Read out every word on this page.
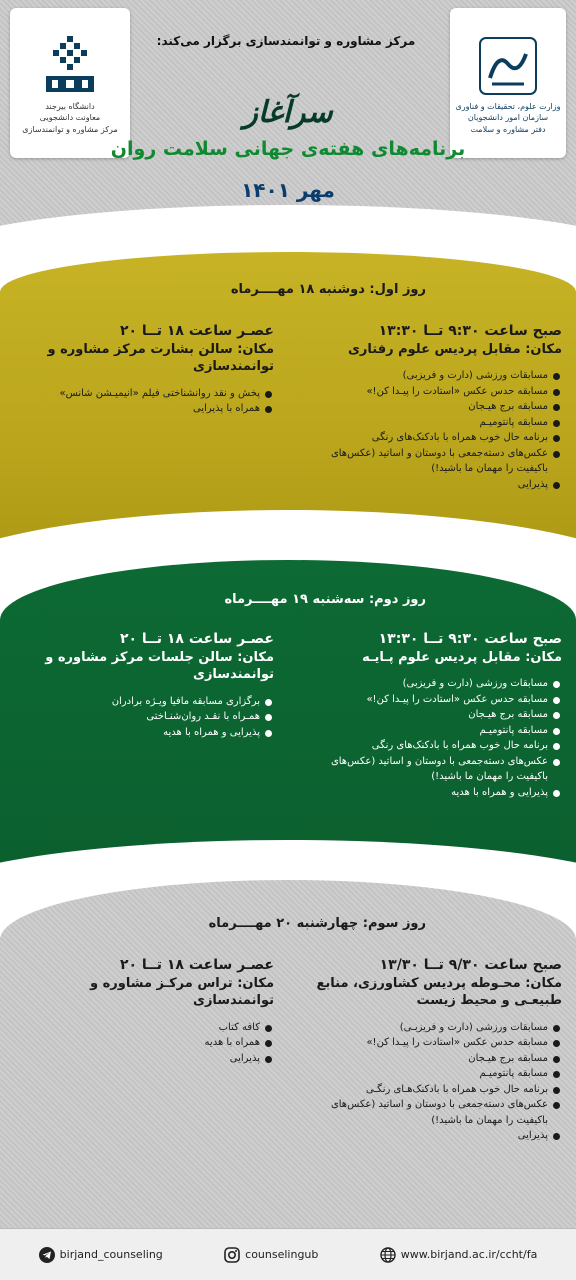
وزارت علوم، تحقیقات و فناوری
سازمان امور دانشجویان
دفتر مشاوره و سلامت
دانشگاه بیرجند
معاونت دانشجویی
مرکز مشاوره و توانمندسازی
مرکز مشاوره و توانمندسازی برگزار می‌کند:
سرآغاز
برنامه‌های هفته‌ی جهانی سلامت روان
مهر ۱۴۰۱
روز اول: دوشنبه ۱۸ مهــــرماه
صبح ساعت ۹:۳۰ تــا ۱۳:۳۰
مکان: مقابل پردیس علوم رفتاری
مسابقات ورزشی (دارت و فریزبی)
مسابقه حدس عکس «استادت را پیـدا کن!»
مسابقه برج هیـجان
مسابقه پانتومیـم
برنامه حال خوب همراه با بادکنک‌های رنگی
عکس‌های دسته‌جمعی با دوستان و اساتید (عکس‌های باکیفیت را مهمان ما باشید!)
پذیرایی
عصـر ساعت ۱۸ تــا ۲۰
مکان: سالن بشارت مرکز مشاوره و توانمندسازی
پخش و نقد روانشناختی فیلم «انیمیـشن شانس»
همراه با پذیرایی
روز دوم: سه‌شنبه ۱۹ مهــــرماه
صبح ساعت ۹:۳۰ تــا ۱۳:۳۰
مکان: مقابل پردیس علوم پـایـه
مسابقات ورزشی (دارت و فریزبی)
مسابقه حدس عکس «استادت را پیـدا کن!»
مسابقه برج هیـجان
مسابقه پانتومیـم
برنامه حال خوب همراه با بادکنک‌های رنگی
عکس‌های دسته‌جمعی با دوستان و اساتید (عکس‌های باکیفیت را مهمان ما باشید!)
پذیرایی و همراه با هدیه
عصـر ساعت ۱۸ تــا ۲۰
مکان: سالن جلسات مرکز مشاوره و توانمندسازی
برگزاری مسابقه مافیا ویـژه برادران
همـراه با نقـد روان‌شنـاختی
پذیرایی و همراه با هدیه
روز سوم: چهارشنبه ۲۰ مهــــرماه
صبح ساعت ۹/۳۰ تــا ۱۳/۳۰
مکان: محـوطه پردیس کشاورزی، منابع طبیعـی و محیط زیست
مسابقات ورزشی (دارت و فریزبـی)
مسابقه حدس عکس «استادت را پیـدا کن!»
مسابقه برج هیـجان
مسابقه پانتومیـم
برنامه حال خوب همراه با بادکنک‌هـای رنگـی
عکس‌های دسته‌جمعی با دوستان و اساتید (عکس‌های باکیفیت را مهمان ما باشید!)
پذیرایی
عصـر ساعت ۱۸ تــا ۲۰
مکان: تراس مرکـز مشاوره و توانمندسازی
کافه کتاب
همراه با هدیه
پذیرایی
birjand_counseling	counselingub	www.birjand.ac.ir/ccht/fa
